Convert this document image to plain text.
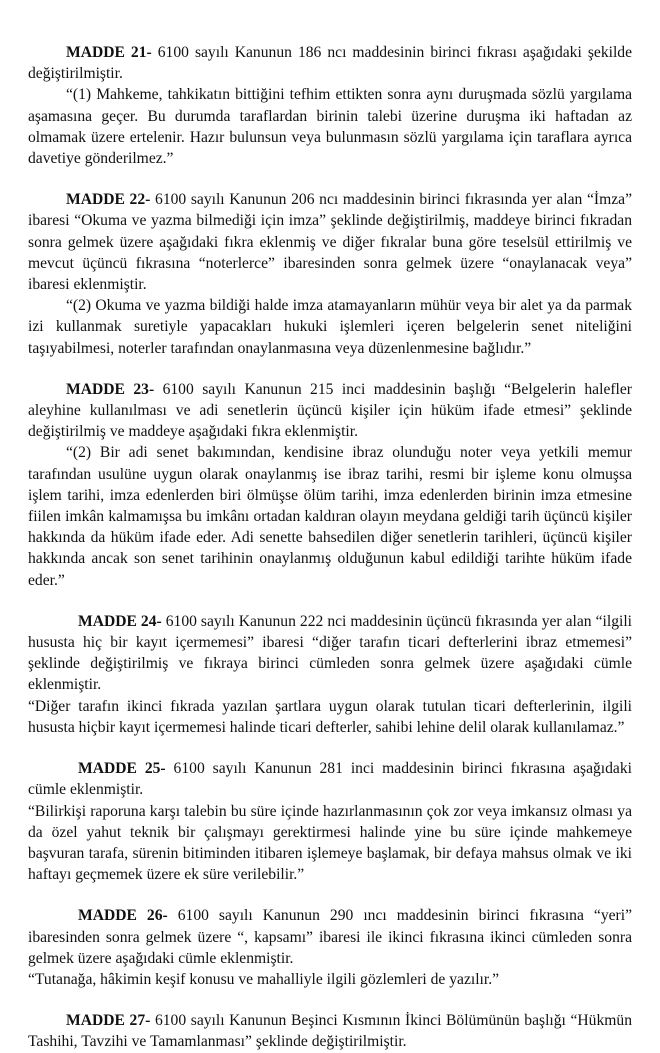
MADDE 21- 6100 sayılı Kanunun 186 ncı maddesinin birinci fıkrası aşağıdaki şekilde değiştirilmiştir.

“(1) Mahkeme, tahkikatın bittiğini tefhim ettikten sonra aynı duruşmada sözlü yargılama aşamasına geçer. Bu durumda taraflardan birinin talebi üzerine duruşma iki haftadan az olmamak üzere ertelenir. Hazır bulunsun veya bulunmasın sözlü yargılama için taraflara ayrıca davetiye gönderilmez.”

MADDE 22- 6100 sayılı Kanunun 206 ncı maddesinin birinci fıkrasında yer alan “İmza” ibaresi “Okuma ve yazma bilmediği için imza” şeklinde değiştirilmiş, maddeye birinci fıkradan sonra gelmek üzere aşağıdaki fıkra eklenmiş ve diğer fıkralar buna göre teselsül ettirilmiş ve mevcut üçüncü fıkrasına “noterlerce” ibaresinden sonra gelmek üzere “onaylanacak veya” ibaresi eklenmiştir.

“(2) Okuma ve yazma bildiği halde imza atamayanların mühür veya bir alet ya da parmak izi kullanmak suretiyle yapacakları hukuki işlemleri içeren belgelerin senet niteliğini taşıyabilmesi, noterler tarafından onaylanmasına veya düzenlenmesine bağlıdır.”

MADDE 23- 6100 sayılı Kanunun 215 inci maddesinin başlığı “Belgelerin halefler aleyhine kullanılması ve adi senetlerin üçüncü kişiler için hüküm ifade etmesi” şeklinde değiştirilmiş ve maddeye aşağıdaki fıkra eklenmiştir.

“(2) Bir adi senet bakımından, kendisine ibraz olunduğu noter veya yetkili memur tarafından usulüne uygun olarak onaylanmış ise ibraz tarihi, resmi bir işleme konu olmuşsa işlem tarihi, imza edenlerden biri ölmüşse ölüm tarihi, imza edenlerden birinin imza etmesine fiilen imkân kalmamışsa bu imkânı ortadan kaldıran olayın meydana geldiği tarih üçüncü kişiler hakkında da hüküm ifade eder. Adi senette bahsedilen diğer senetlerin tarihleri, üçüncü kişiler hakkında ancak son senet tarihinin onaylanmış olduğunun kabul edildiği tarihte hüküm ifade eder.”

MADDE 24- 6100 sayılı Kanunun 222 nci maddesinin üçüncü fıkrasında yer alan “ilgili hususta hiç bir kayıt içermemesi” ibaresi “diğer tarafın ticari defterlerini ibraz etmemesi” şeklinde değiştirilmiş ve fıkraya birinci cümleden sonra gelmek üzere aşağıdaki cümle eklenmiştir.

“Diğer tarafın ikinci fıkrada yazılan şartlara uygun olarak tutulan ticari defterlerinin, ilgili hususta hiçbir kayıt içermemesi halinde ticari defterler, sahibi lehine delil olarak kullanılamaz.”

MADDE 25- 6100 sayılı Kanunun 281 inci maddesinin birinci fıkrasına aşağıdaki cümle eklenmiştir.

“Bilirkişi raporuna karşı talebin bu süre içinde hazırlanmasının çok zor veya imkansız olması ya da özel yahut teknik bir çalışmayı gerektirmesi halinde yine bu süre içinde mahkemeye başvuran tarafa, sürenin bitiminden itibaren işlemeye başlamak, bir defaya mahsus olmak ve iki haftayı geçmemek üzere ek süre verilebilir.”

MADDE 26- 6100 sayılı Kanunun 290 ıncı maddesinin birinci fıkrasına “yeri” ibaresinden sonra gelmek üzere “, kapsamı” ibaresi ile ikinci fıkrasına ikinci cümleden sonra gelmek üzere aşağıdaki cümle eklenmiştir.

“Tutanağa, hâkimin keşif konusu ve mahalliyle ilgili gözlemleri de yazılır.”

MADDE 27- 6100 sayılı Kanunun Beşinci Kısmının İkinci Bölümünün başlığı “Hükmün Tashihi, Tavzihi ve Tamamlanması” şeklinde değiştirilmiştir.
